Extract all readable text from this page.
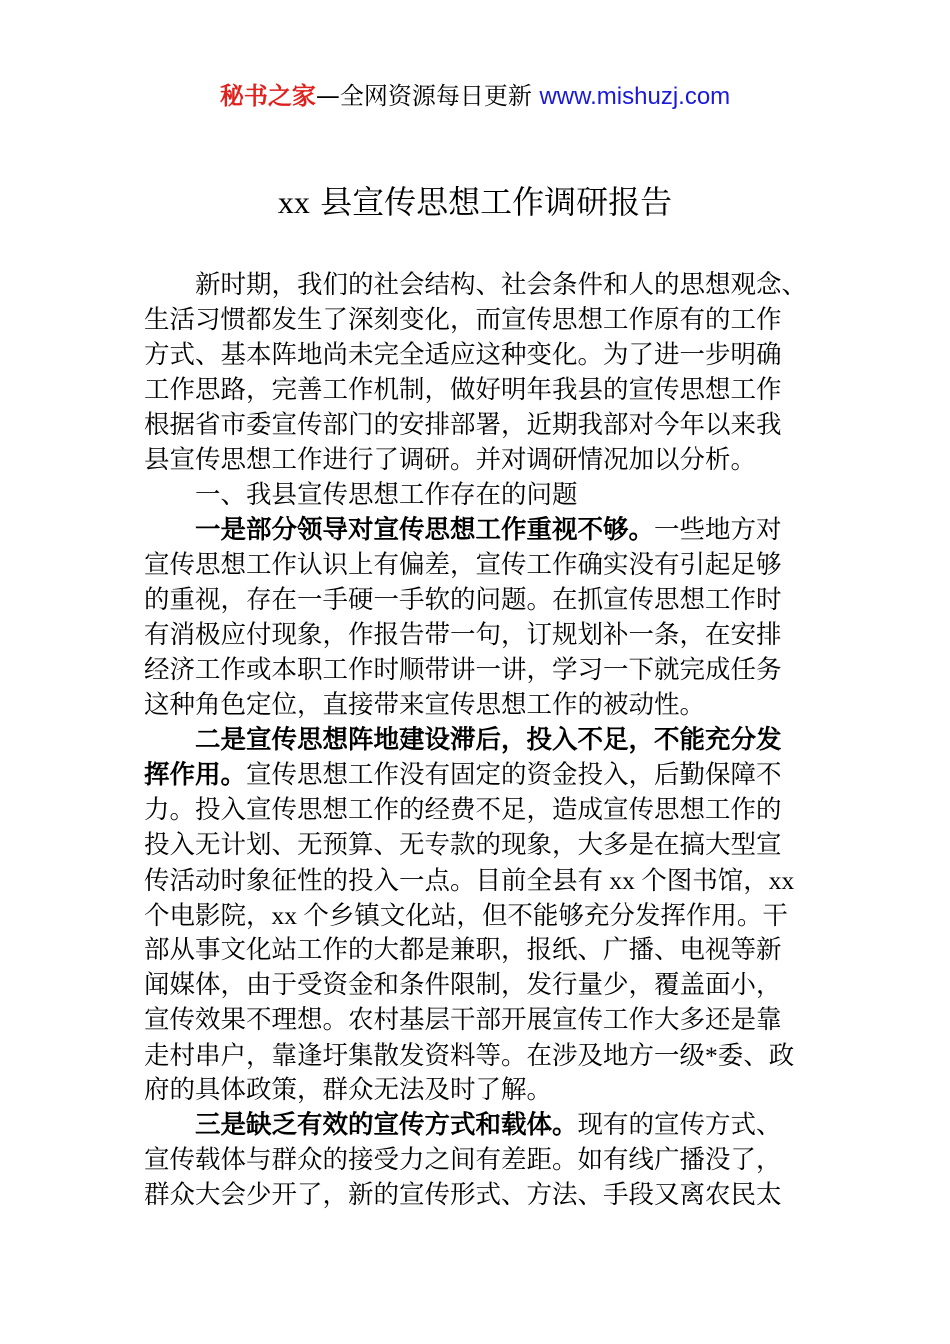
秘书之家—全网资源每日更新 www.mishuzj.com
xx 县宣传思想工作调研报告
新时期，我们的社会结构、社会条件和人的思想观念、
生活习惯都发生了深刻变化，而宣传思想工作原有的工作
方式、基本阵地尚未完全适应这种变化。为了进一步明确
工作思路，完善工作机制，做好明年我县的宣传思想工作
根据省市委宣传部门的安排部署，近期我部对今年以来我
县宣传思想工作进行了调研。并对调研情况加以分析。
一、我县宣传思想工作存在的问题
一是部分领导对宣传思想工作重视不够。一些地方对
宣传思想工作认识上有偏差，宣传工作确实没有引起足够
的重视，存在一手硬一手软的问题。在抓宣传思想工作时
有消极应付现象，作报告带一句，订规划补一条，在安排
经济工作或本职工作时顺带讲一讲，学习一下就完成任务
这种角色定位，直接带来宣传思想工作的被动性。
二是宣传思想阵地建设滞后，投入不足，不能充分发
挥作用。宣传思想工作没有固定的资金投入，后勤保障不
力。投入宣传思想工作的经费不足，造成宣传思想工作的
投入无计划、无预算、无专款的现象，大多是在搞大型宣
传活动时象征性的投入一点。目前全县有 xx 个图书馆，xx
个电影院，xx 个乡镇文化站，但不能够充分发挥作用。干
部从事文化站工作的大都是兼职，报纸、广播、电视等新
闻媒体，由于受资金和条件限制，发行量少，覆盖面小，
宣传效果不理想。农村基层干部开展宣传工作大多还是靠
走村串户，靠逢圩集散发资料等。在涉及地方一级*委、政
府的具体政策，群众无法及时了解。
三是缺乏有效的宣传方式和载体。现有的宣传方式、
宣传载体与群众的接受力之间有差距。如有线广播没了，
群众大会少开了，新的宣传形式、方法、手段又离农民太
